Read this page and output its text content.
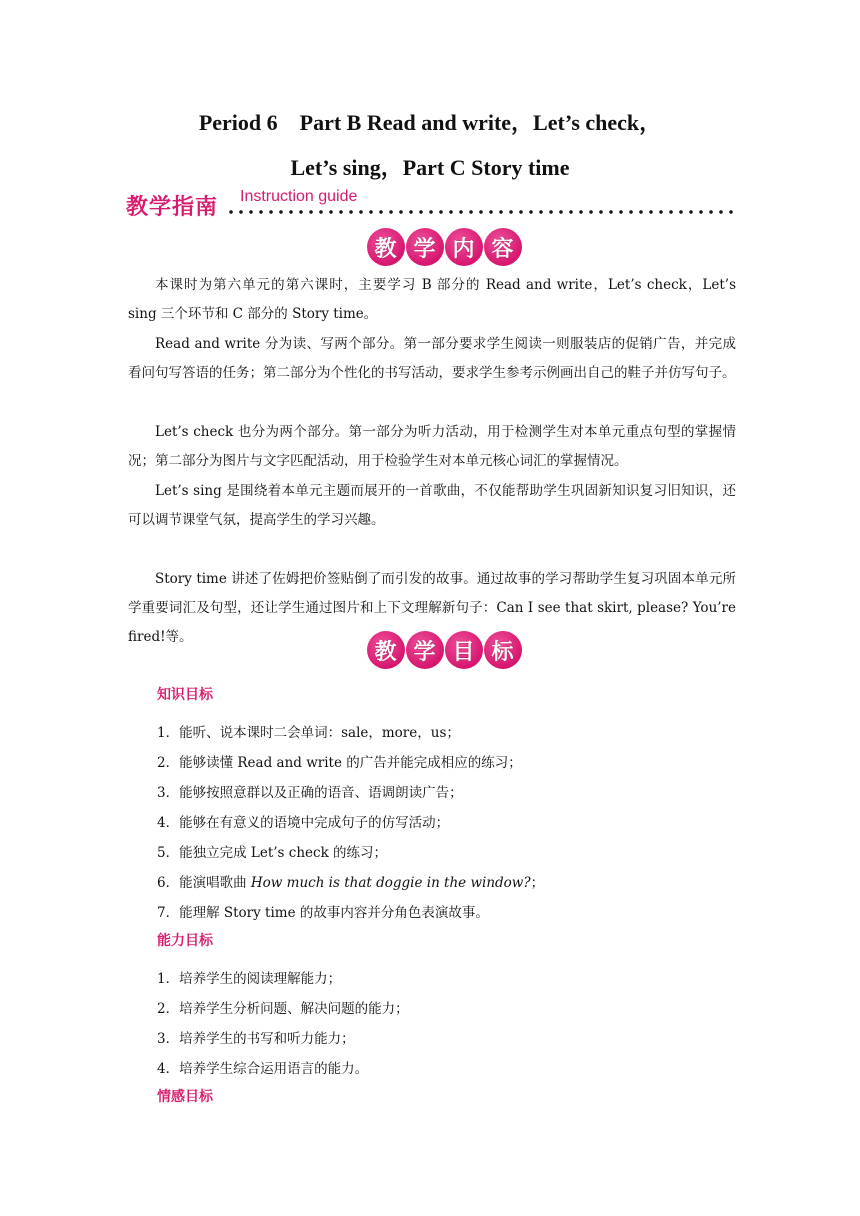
Period 6    Part B Read and write，Let’s check，
Let’s sing，Part C Story time
教学指南 Instruction guide
教 学 内 容

本课时为第六单元的第六课时，主要学习 B 部分的 Read and write，Let’s check，Let’s sing 三个环节和 C 部分的 Story time。

Read and write 分为读、写两个部分。第一部分要求学生阅读一则服装店的促销广告，并完成看问句写答语的任务；第二部分为个性化的书写活动，要求学生参考示例画出自己的鞋子并仿写句子。

Let’s check 也分为两个部分。第一部分为听力活动，用于检测学生对本单元重点句型的掌握情况；第二部分为图片与文字匹配活动，用于检验学生对本单元核心词汇的掌握情况。

Let’s sing 是围绕着本单元主题而展开的一首歌曲，不仅能帮助学生巩固新知识复习旧知识，还可以调节课堂气氛，提高学生的学习兴趣。

Story time 讲述了佐姆把价签贴倒了而引发的故事。通过故事的学习帮助学生复习巩固本单元所学重要词汇及句型，还让学生通过图片和上下文理解新句子：Can I see that skirt, please? You’re fired!等。

教 学 目 标
知识目标
1．能听、说本课时二会单词：sale，more，us；
2．能够读懂 Read and write 的广告并能完成相应的练习；
3．能够按照意群以及正确的语音、语调朗读广告；
4．能够在有意义的语境中完成句子的仿写活动；
5．能独立完成 Let’s check 的练习；
6．能演唱歌曲 How much is that doggie in the window?；
7．能理解 Story time 的故事内容并分角色表演故事。
能力目标
1．培养学生的阅读理解能力；
2．培养学生分析问题、解决问题的能力；
3．培养学生的书写和听力能力；
4．培养学生综合运用语言的能力。
情感目标
